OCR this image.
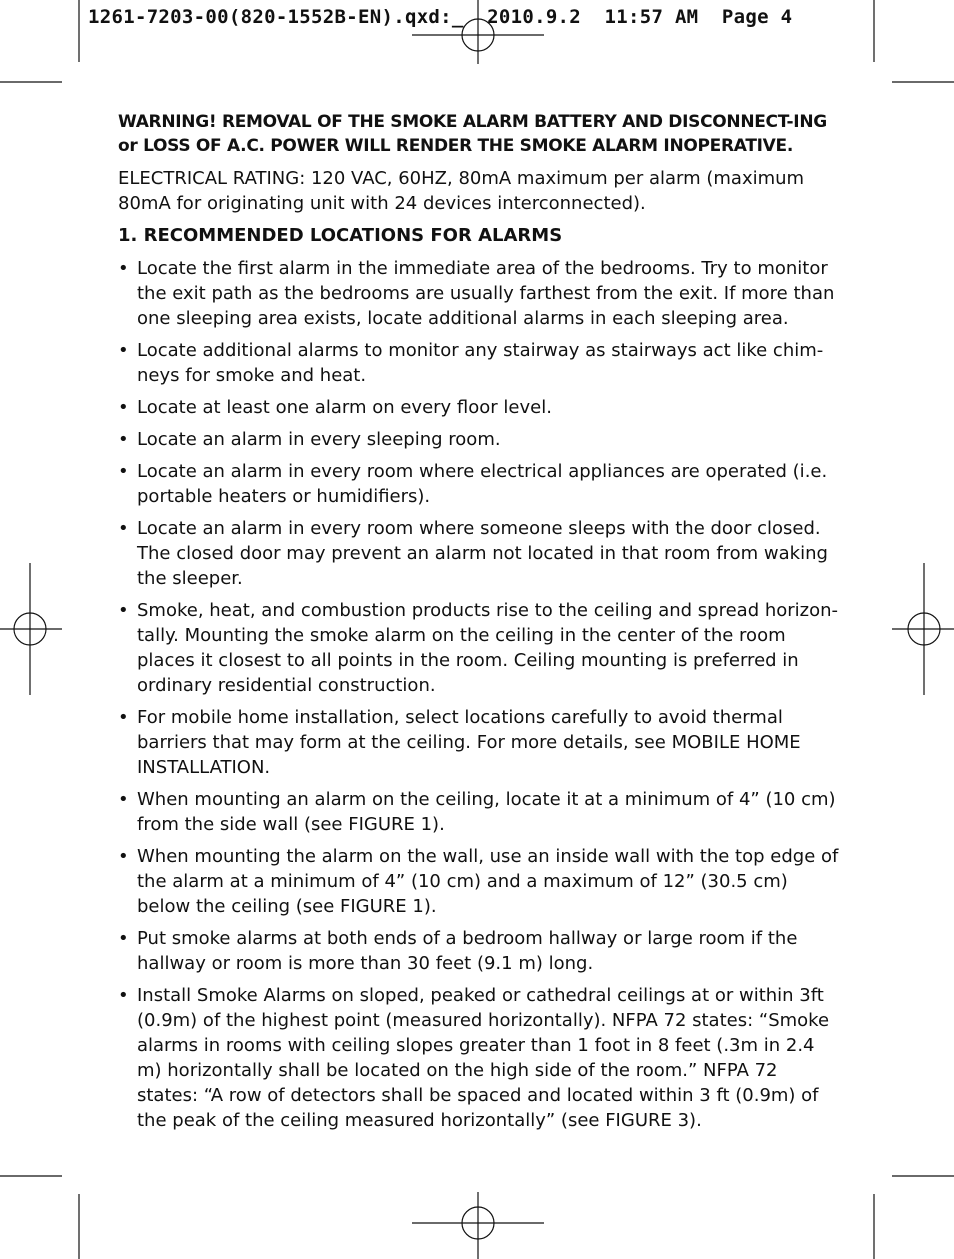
1261-7203-00(820-1552B-EN).qxd:_  2010.9.2  11:57 AM  Page 4

WARNING! REMOVAL OF THE SMOKE ALARM BATTERY AND DISCONNECT-ING or LOSS OF A.C. POWER WILL RENDER THE SMOKE ALARM INOPERATIVE.

ELECTRICAL RATING: 120 VAC, 60HZ, 80mA maximum per alarm (maximum 80mA for originating unit with 24 devices interconnected).

1. RECOMMENDED LOCATIONS FOR ALARMS

• Locate the first alarm in the immediate area of the bedrooms. Try to monitor the exit path as the bedrooms are usually farthest from the exit. If more than one sleeping area exists, locate additional alarms in each sleeping area.
• Locate additional alarms to monitor any stairway as stairways act like chim-neys for smoke and heat.
• Locate at least one alarm on every floor level.
• Locate an alarm in every sleeping room.
• Locate an alarm in every room where electrical appliances are operated (i.e. portable heaters or humidifiers).
• Locate an alarm in every room where someone sleeps with the door closed. The closed door may prevent an alarm not located in that room from waking the sleeper.
• Smoke, heat, and combustion products rise to the ceiling and spread horizon-tally. Mounting the smoke alarm on the ceiling in the center of the room places it closest to all points in the room. Ceiling mounting is preferred in ordinary residential construction.
• For mobile home installation, select locations carefully to avoid thermal barriers that may form at the ceiling. For more details, see MOBILE HOME INSTALLATION.
• When mounting an alarm on the ceiling, locate it at a minimum of 4” (10 cm) from the side wall (see FIGURE 1).
• When mounting the alarm on the wall, use an inside wall with the top edge of the alarm at a minimum of 4” (10 cm) and a maximum of 12” (30.5 cm) below the ceiling (see FIGURE 1).
• Put smoke alarms at both ends of a bedroom hallway or large room if the hallway or room is more than 30 feet (9.1 m) long.
• Install Smoke Alarms on sloped, peaked or cathedral ceilings at or within 3ft (0.9m) of the highest point (measured horizontally). NFPA 72 states: “Smoke alarms in rooms with ceiling slopes greater than 1 foot in 8 feet (.3m in 2.4 m) horizontally shall be located on the high side of the room.” NFPA 72 states: “A row of detectors shall be spaced and located within 3 ft (0.9m) of the peak of the ceiling measured horizontally” (see FIGURE 3).
